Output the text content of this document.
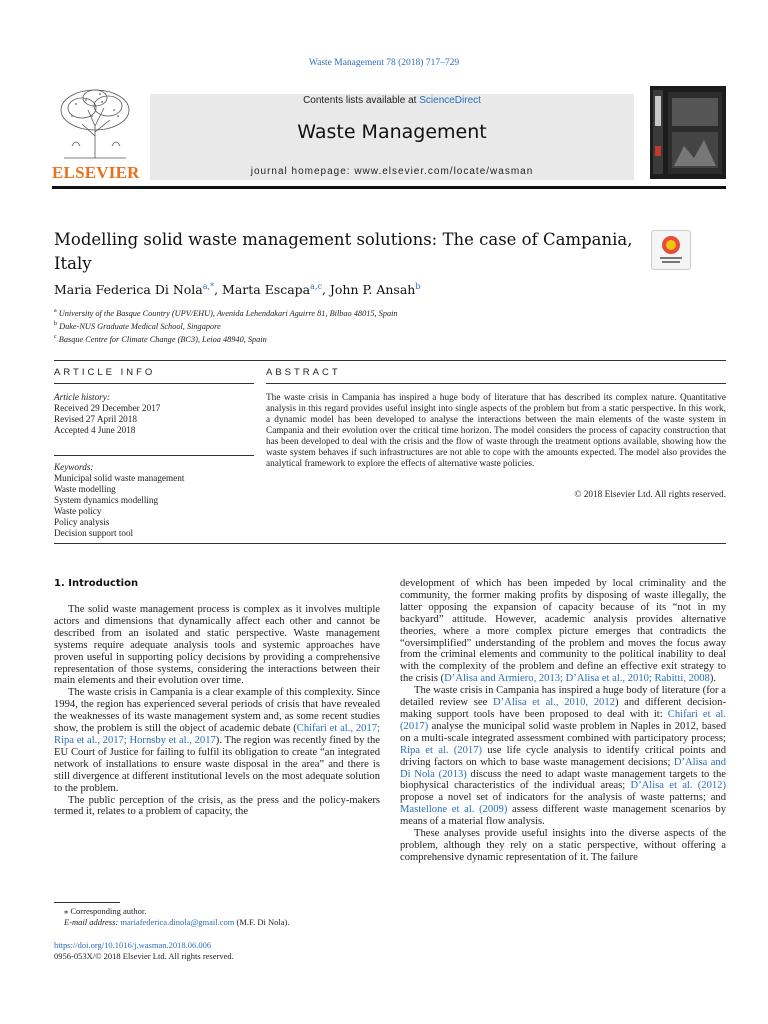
Waste Management 78 (2018) 717–729
ELSEVIER
Contents lists available at ScienceDirect
Waste Management
journal homepage: www.elsevier.com/locate/wasman
Modelling solid waste management solutions: The case of Campania, Italy
Maria Federica Di Nola$^{a,*}$, Marta Escapa$^{a,c}$, John P. Ansah$^b$
$^a$ University of the Basque Country (UPV/EHU), Avenida Lehendakari Aguirre 81, Bilbao 48015, Spain
$^b$ Duke-NUS Graduate Medical School, Singapore
$^c$ Basque Centre for Climate Change (BC3), Leioa 48940, Spain
ARTICLE INFO	ABSTRACT
Article history:
Received 29 December 2017
Revised 27 April 2018
Accepted 4 June 2018
Keywords:
Municipal solid waste management
Waste modelling
System dynamics modelling
Waste policy
Policy analysis
Decision support tool
The waste crisis in Campania has inspired a huge body of literature that has described its complex nature. Quantitative analysis in this regard provides useful insight into single aspects of the problem but from a static perspective. In this work, a dynamic model has been developed to analyse the interactions between the main elements of the waste system in Campania and their evolution over the critical time horizon. The model considers the process of capacity construction that has been developed to deal with the crisis and the flow of waste through the treatment options available, showing how the waste system behaves if such infrastructures are not able to cope with the amounts expected. The model also provides the analytical framework to explore the effects of alternative waste policies.
© 2018 Elsevier Ltd. All rights reserved.
1. Introduction

The solid waste management process is complex as it involves multiple actors and dimensions that dynamically affect each other and cannot be described from an isolated and static perspective. Waste management systems require adequate analysis tools and systemic approaches have proven useful in supporting policy decisions by providing a comprehensive representation of those systems, considering the interactions between their main elements and their evolution over time.

The waste crisis in Campania is a clear example of this complexity. Since 1994, the region has experienced several periods of crisis that have revealed the weaknesses of its waste management system and, as some recent studies show, the problem is still the object of academic debate (Chifari et al., 2017; Ripa et al., 2017; Hornsby et al., 2017). The region was recently fined by the EU Court of Justice for failing to fulfil its obligation to create “an integrated network of installations to ensure waste disposal in the area” and there is still divergence at different institutional levels on the most adequate solution to the problem.

The public perception of the crisis, as the press and the policy-makers termed it, relates to a problem of capacity, the

development of which has been impeded by local criminality and the community, the former making profits by disposing of waste illegally, the latter opposing the expansion of capacity because of its “not in my backyard” attitude. However, academic analysis provides alternative theories, where a more complex picture emerges that contradicts the “oversimplified” understanding of the problem and moves the focus away from the criminal elements and community to the political inability to deal with the complexity of the problem and define an effective exit strategy to the crisis (D’Alisa and Armiero, 2013; D’Alisa et al., 2010; Rabitti, 2008).

The waste crisis in Campania has inspired a huge body of literature (for a detailed review see D’Alisa et al., 2010, 2012) and different decision-making support tools have been proposed to deal with it: Chifari et al. (2017) analyse the municipal solid waste problem in Naples in 2012, based on a multi-scale integrated assessment combined with participatory process; Ripa et al. (2017) use life cycle analysis to identify critical points and driving factors on which to base waste management decisions; D’Alisa and Di Nola (2013) discuss the need to adapt waste management targets to the biophysical characteristics of the individual areas; D’Alisa et al. (2012) propose a novel set of indicators for the analysis of waste patterns; and Mastellone et al. (2009) assess different waste management scenarios by means of a material flow analysis.

These analyses provide useful insights into the diverse aspects of the problem, although they rely on a static perspective, without offering a comprehensive dynamic representation of it. The failure

⁎ Corresponding author.
E-mail address: mariafederica.dinola@gmail.com (M.F. Di Nola).
https://doi.org/10.1016/j.wasman.2018.06.006
0956-053X/© 2018 Elsevier Ltd. All rights reserved.
